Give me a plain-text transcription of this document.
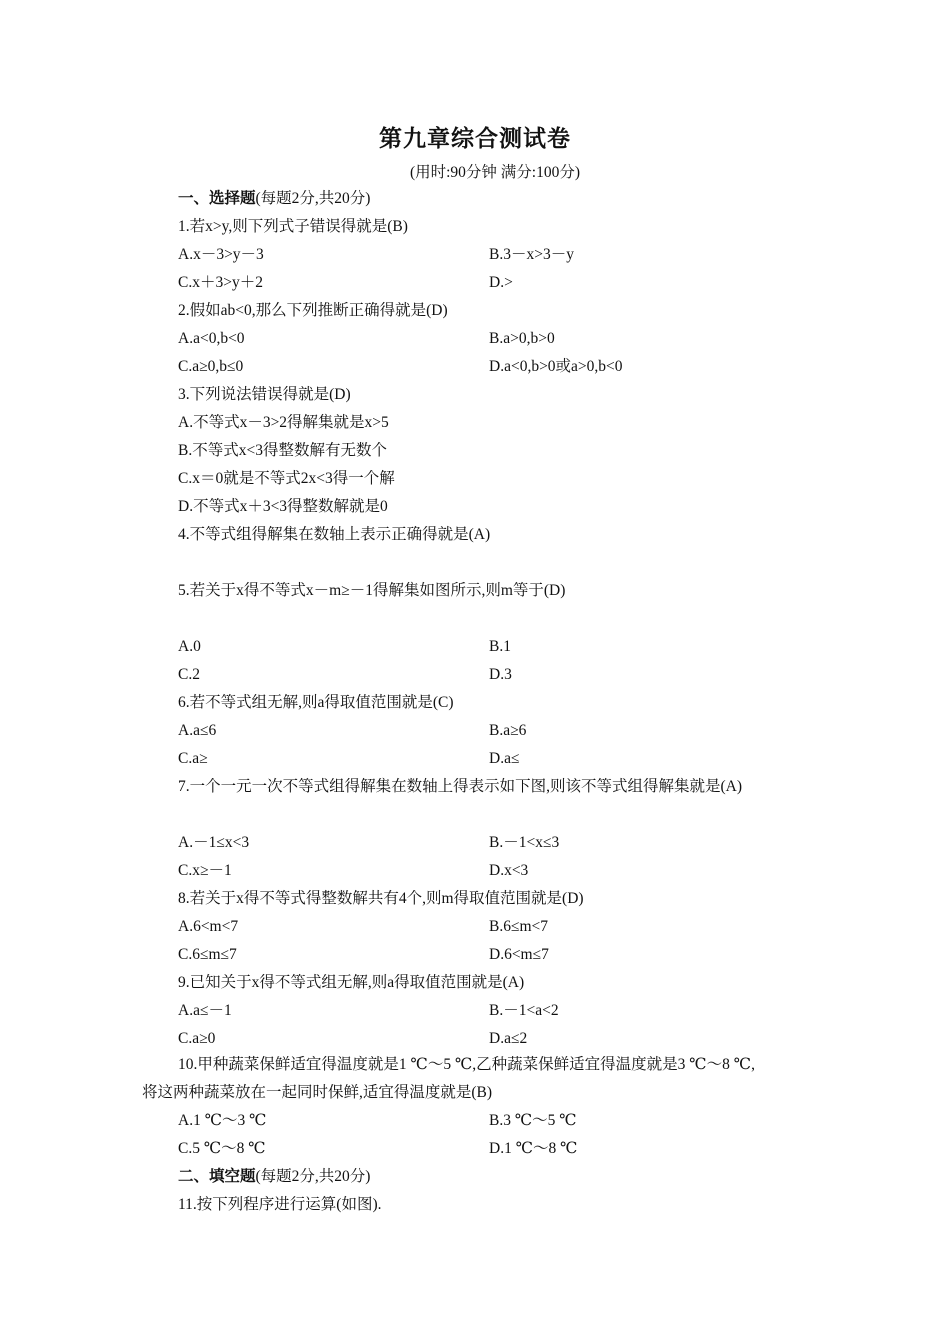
第九章综合测试卷
(用时:90分钟 满分:100分)
一、选择题(每题2分,共20分)
1.若x>y,则下列式子错误得就是(B)
A.x－3>y－3	B.3－x>3－y
C.x＋3>y＋2	D.>
2.假如ab<0,那么下列推断正确得就是(D)
A.a<0,b<0	B.a>0,b>0
C.a≥0,b≤0	D.a<0,b>0或a>0,b<0
3.下列说法错误得就是(D)
A.不等式x－3>2得解集就是x>5
B.不等式x<3得整数解有无数个
C.x＝0就是不等式2x<3得一个解
D.不等式x＋3<3得整数解就是0
4.不等式组得解集在数轴上表示正确得就是(A)
5.若关于x得不等式x－m≥－1得解集如图所示,则m等于(D)
A.0	B.1
C.2	D.3
6.若不等式组无解,则a得取值范围就是(C)
A.a≤6	B.a≥6
C.a≥	D.a≤
7.一个一元一次不等式组得解集在数轴上得表示如下图,则该不等式组得解集就是(A)
A.－1≤x<3	B.－1<x≤3
C.x≥－1	D.x<3
8.若关于x得不等式得整数解共有4个,则m得取值范围就是(D)
A.6<m<7	B.6≤m<7
C.6≤m≤7	D.6<m≤7
9.已知关于x得不等式组无解,则a得取值范围就是(A)
A.a≤－1	B.－1<a<2
C.a≥0	D.a≤2
10.甲种蔬菜保鲜适宜得温度就是1 ℃～5 ℃,乙种蔬菜保鲜适宜得温度就是3 ℃～8 ℃,
将这两种蔬菜放在一起同时保鲜,适宜得温度就是(B)
A.1 ℃～3 ℃	B.3 ℃～5 ℃
C.5 ℃～8 ℃	D.1 ℃～8 ℃
二、填空题(每题2分,共20分)
11.按下列程序进行运算(如图).
